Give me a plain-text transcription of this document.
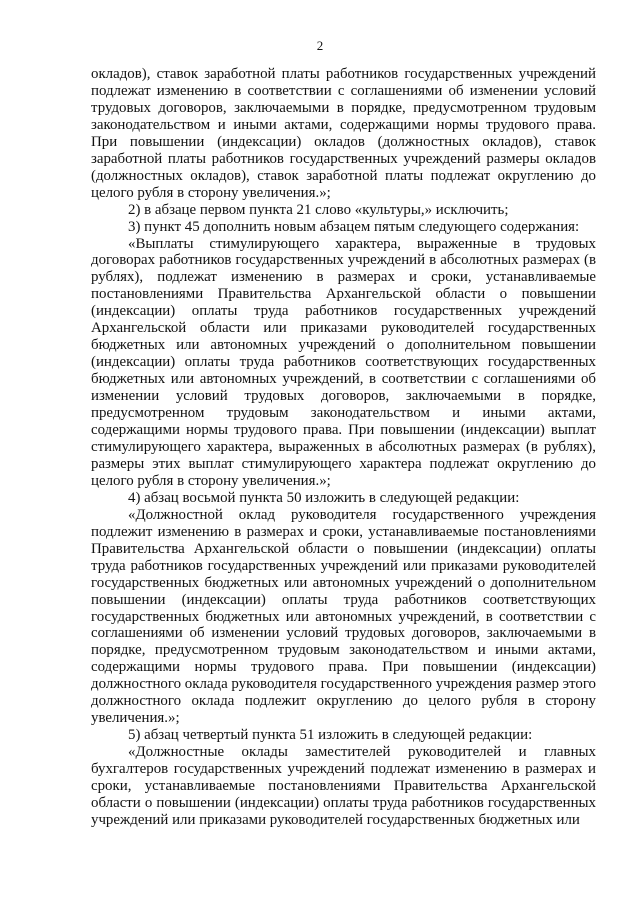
2

окладов), ставок заработной платы работников государственных учреждений подлежат изменению в соответствии с соглашениями об изменении условий трудовых договоров, заключаемыми в порядке, предусмотренном трудовым законодательством и иными актами, содержащими нормы трудового права. При повышении (индексации) окладов (должностных окладов), ставок заработной платы работников государственных учреждений размеры окладов (должностных окладов), ставок заработной платы подлежат округлению до целого рубля в сторону увеличения.»;

2) в абзаце первом пункта 21 слово «культуры,» исключить;

3) пункт 45 дополнить новым абзацем пятым следующего содержания:

«Выплаты стимулирующего характера, выраженные в трудовых договорах работников государственных учреждений в абсолютных размерах (в рублях), подлежат изменению в размерах и сроки, устанавливаемые постановлениями Правительства Архангельской области о повышении (индексации) оплаты труда работников государственных учреждений Архангельской области или приказами руководителей государственных бюджетных или автономных учреждений о дополнительном повышении (индексации) оплаты труда работников соответствующих государственных бюджетных или автономных учреждений, в соответствии с соглашениями об изменении условий трудовых договоров, заключаемыми в порядке, предусмотренном трудовым законодательством и иными актами, содержащими нормы трудового права. При повышении (индексации) выплат стимулирующего характера, выраженных в абсолютных размерах (в рублях), размеры этих выплат стимулирующего характера подлежат округлению до целого рубля в сторону увеличения.»;

4) абзац восьмой пункта 50 изложить в следующей редакции:

«Должностной оклад руководителя государственного учреждения подлежит изменению в размерах и сроки, устанавливаемые постановлениями Правительства Архангельской области о повышении (индексации) оплаты труда работников государственных учреждений или приказами руководителей государственных бюджетных или автономных учреждений о дополнительном повышении (индексации) оплаты труда работников соответствующих государственных бюджетных или автономных учреждений, в соответствии с соглашениями об изменении условий трудовых договоров, заключаемыми в порядке, предусмотренном трудовым законодательством и иными актами, содержащими нормы трудового права. При повышении (индексации) должностного оклада руководителя государственного учреждения размер этого должностного оклада подлежит округлению до целого рубля в сторону увеличения.»;

5) абзац четвертый пункта 51 изложить в следующей редакции:

«Должностные оклады заместителей руководителей и главных бухгалтеров государственных учреждений подлежат изменению в размерах и сроки, устанавливаемые постановлениями Правительства Архангельской области о повышении (индексации) оплаты труда работников государственных учреждений или приказами руководителей государственных бюджетных или
